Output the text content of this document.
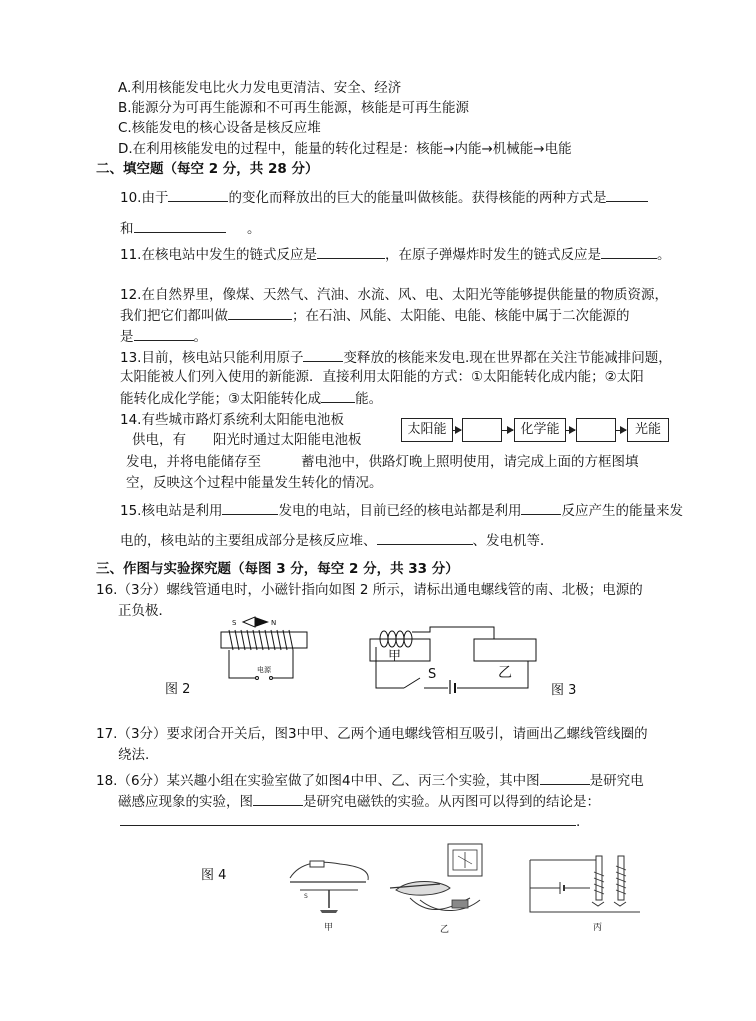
A.利用核能发电比火力发电更清洁、安全、经济
B.能源分为可再生能源和不可再生能源，核能是可再生能源
C.核能发电的核心设备是核反应堆
D.在利用核能发电的过程中，能量的转化过程是：核能→内能→机械能→电能
二、填空题（每空 2 分，共 28 分）
10.由于	的变化而释放出的巨大的能量叫做核能。获得核能的两种方式是
和	。
11.在核电站中发生的链式反应是	，在原子弹爆炸时发生的链式反应是	。
12.在自然界里，像煤、天然气、汽油、水流、风、电、太阳光等能够提供能量的物质资源，
我们把它们都叫做	；在石油、风能、太阳能、电能、核能中属于二次能源的
是	。
13.目前，核电站只能利用原子	变释放的核能来发电.现在世界都在关注节能减排问题，
太阳能被人们列入使用的新能源．直接利用太阳能的方式：①太阳能转化成内能；②太阳
能转化成化学能；③太阳能转化成	能。
14.有些城市路灯系统利太阳能电池板
供电，有　　阳光时通过太阳能电池板
发电，并将电能储存至	蓄电池中，供路灯晚上照明使用，请完成上面的方框图填
空，反映这个过程中能量发生转化的情况。
太阳能	化学能	光能
15.核电站是利用	发电的电站，目前已经的核电站都是利用	反应产生的能量来发
电的，核电站的主要组成部分是核反应堆、	、发电机等．
三、作图与实验探究题（每图 3 分，每空 2 分，共 33 分）
16.（3分）螺线管通电时，小磁针指向如图 2 所示，请标出通电螺线管的南、北极；电源的
正负极．
S	N
电源
图 2
甲
S	乙
图 3
17.（3分）要求闭合开关后，图3中甲、乙两个通电螺线管相互吸引，请画出乙螺线管线圈的
绕法.
18.（6分）某兴趣小组在实验室做了如图4中甲、乙、丙三个实验，其中图	是研究电
磁感应现象的实验，图	是研究电磁铁的实验。从丙图可以得到的结论是：
.
图 4
S
甲	乙	丙
